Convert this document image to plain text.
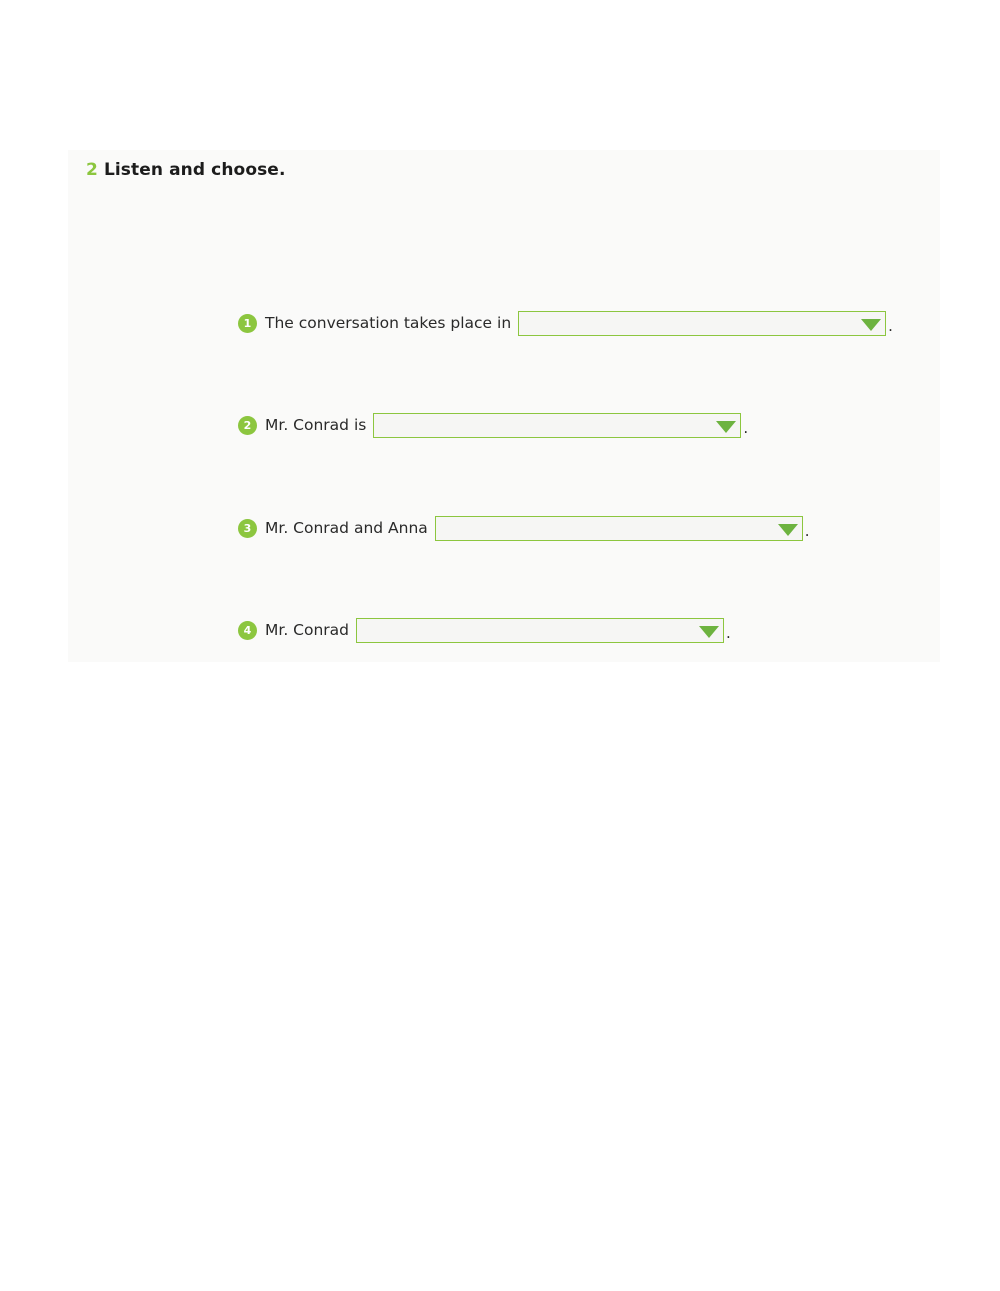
2 Listen and choose.
1 The conversation takes place in	.
2 Mr. Conrad is	.
3 Mr. Conrad and Anna	.
4 Mr. Conrad	.
